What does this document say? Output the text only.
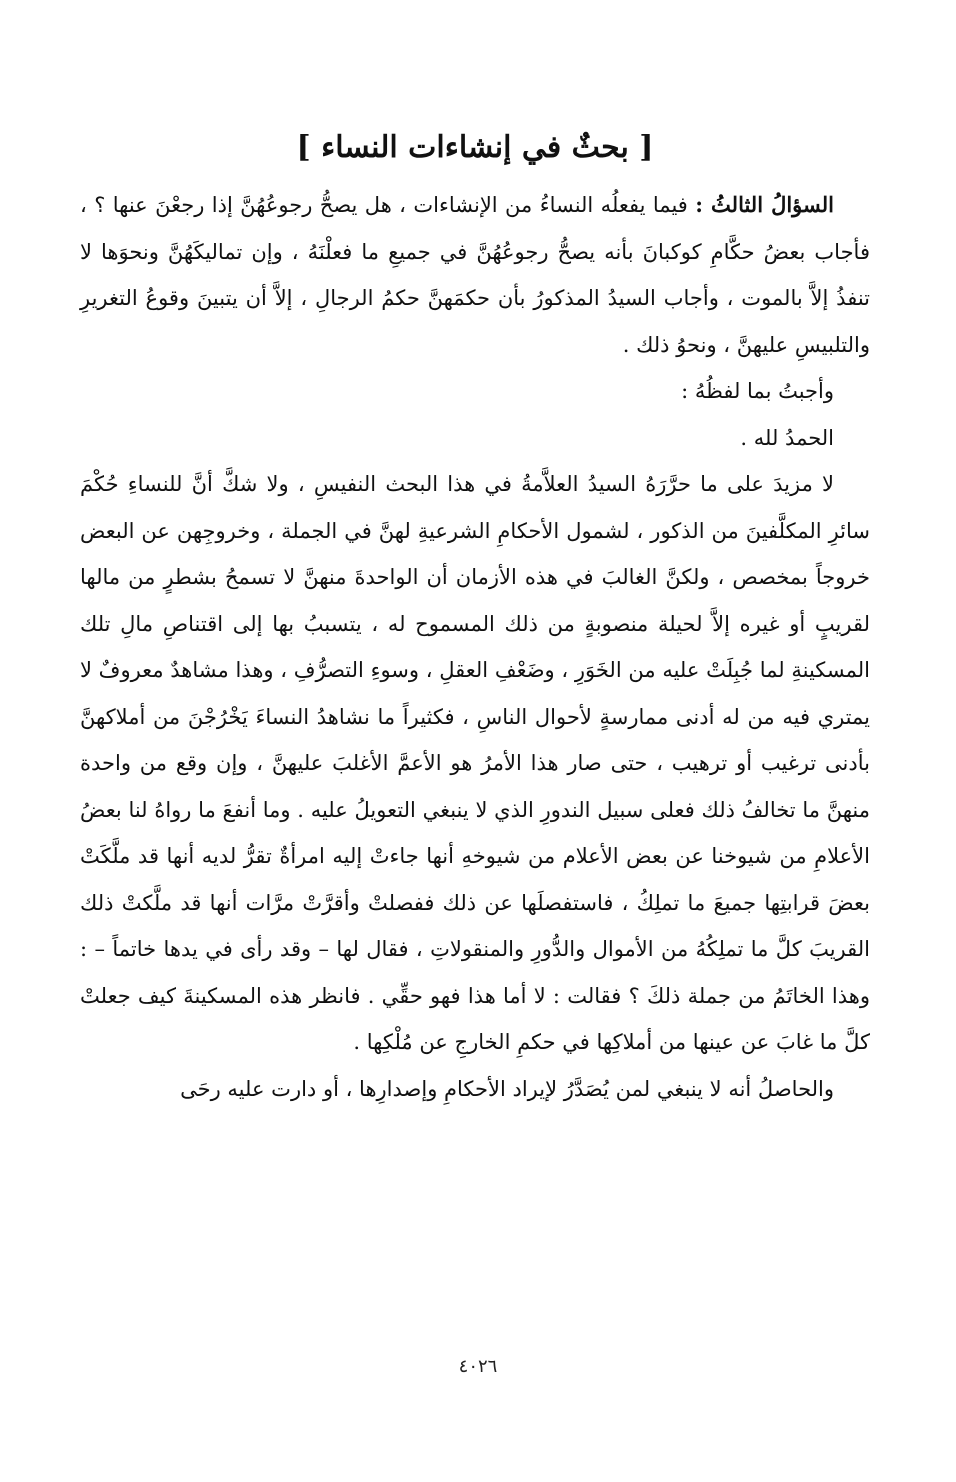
[ بحثٌ في إنشاءات النساء ]

السؤالُ الثالثُ : فيما يفعلُه النساءُ من الإنشاءات ، هل يصحُّ رجوعُهُنَّ إذا رجعْنَ عنها ؟ ، فأجاب بعضُ حكَّامِ كوكبانَ بأنه يصحُّ رجوعُهُنَّ في جميعِ ما فعلْنَهُ ، وإن تماليكَهُنَّ ونحوَها لا تنفذُ إلاَّ بالموت ، وأجاب السيدُ المذكورُ بأن حكمَهنَّ حكمُ الرجالِ ، إلاَّ أن يتبينَ وقوعُ التغريرِ والتلبيسِ عليهنَّ ، ونحوُ ذلك .

وأجبتُ بما لفظُهُ :

الحمدُ لله .

لا مزيدَ على ما حرَّرَهُ السيدُ العلاَّمةُ في هذا البحث النفيسِ ، ولا شكَّ أنَّ للنساءِ حُكْمَ سائرِ المكلَّفينَ من الذكور ، لشمول الأحكامِ الشرعيةِ لهنَّ في الجملة ، وخروجِهن عن البعض خروجاً بمخصص ، ولكنَّ الغالبَ في هذه الأزمان أن الواحدةَ منهنَّ لا تسمحُ بشطرٍ من مالها لقريبٍ أو غيره إلاَّ لحيلة منصوبةٍ من ذلك المسموح له ، يتسببُ بها إلى اقتناصِ مالِ تلك المسكينةِ لما جُبِلَتْ عليه من الخَوَرِ ، وضَعْفِ العقلِ ، وسوءِ التصرُّفِ ، وهذا مشاهدٌ معروفٌ لا يمتري فيه من له أدنى ممارسةٍ لأحوال الناسِ ، فكثيراً ما نشاهدُ النساءَ يَخْرُجْنَ من أملاكهنَّ بأدنى ترغيب أو ترهيب ، حتى صار هذا الأمرُ هو الأعمَّ الأغلبَ عليهنَّ ، وإن وقع من واحدة منهنَّ ما تخالفُ ذلك فعلى سبيل الندورِ الذي لا ينبغي التعويلُ عليه . وما أنفعَ ما رواهُ لنا بعضُ الأعلامِ من شيوخنا عن بعض الأعلام من شيوخهِ أنها جاءتْ إليه امرأةٌ تقرُّ لديه أنها قد ملَّكَتْ بعضَ قرابتِها جميعَ ما تملِكُ ، فاستفصلَها عن ذلك ففصلتْ وأقرَّتْ مرَّات أنها قد ملَّكتْ ذلك القريبَ كلَّ ما تملِكُهُ من الأموال والدُّورِ والمنقولاتِ ، فقال لها – وقد رأى في يدها خاتماً – : وهذا الخاتَمُ من جملة ذلكَ ؟ فقالت : لا أما هذا فهو حقِّي . فانظر هذه المسكينةَ كيف جعلتْ كلَّ ما غابَ عن عينها من أملاكِها في حكمِ الخارجِ عن مُلْكِها .

والحاصلُ أنه لا ينبغي لمن يُصَدَّرُ لإيراد الأحكامِ وإصدارِها ، أو دارت عليه رحَى

٤٠٢٦
